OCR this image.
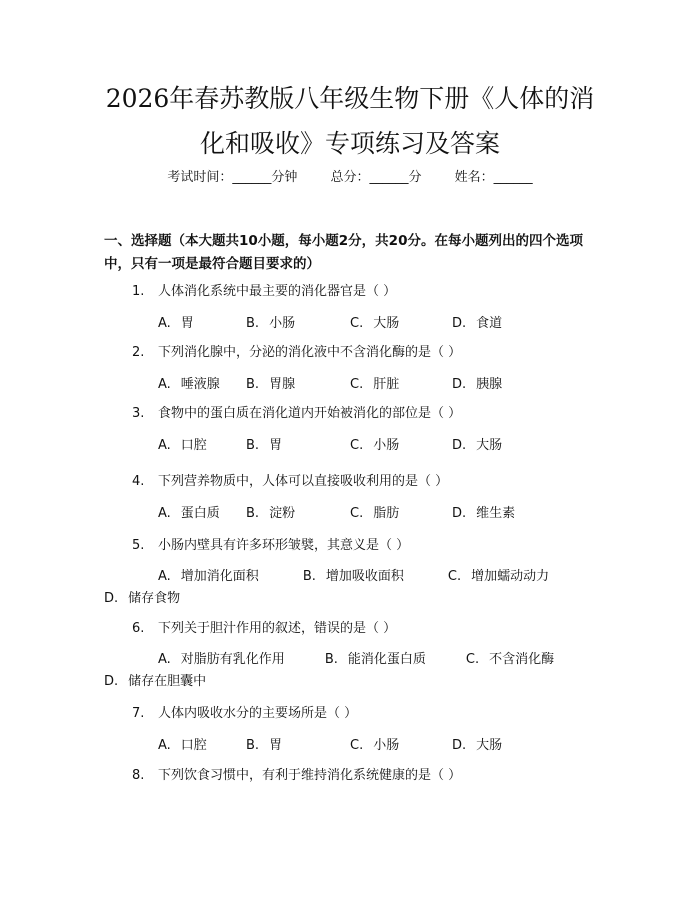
2026年春苏教版八年级生物下册《人体的消
化和吸收》专项练习及答案
考试时间：______分钟	总分：______分	姓名：______
一、选择题（本大题共10小题，每小题2分，共20分。在每小题列出的四个选项中，只有一项是最符合题目要求的）
1. 人体消化系统中最主要的消化器官是（ ）
A. 胃	B. 小肠	C. 大肠	D. 食道
2. 下列消化腺中，分泌的消化液中不含消化酶的是（ ）
A. 唾液腺 B. 胃腺	C. 肝脏	D. 胰腺
3. 食物中的蛋白质在消化道内开始被消化的部位是（ ）
A. 口腔	B. 胃	C. 小肠	D. 大肠
4. 下列营养物质中，人体可以直接吸收利用的是（ ）
A. 蛋白质 B. 淀粉	C. 脂肪	D. 维生素
5. 小肠内壁具有许多环形皱襞，其意义是（ ）
A. 增加消化面积	B. 增加吸收面积	C. 增加蠕动动力D. 储存食物
6. 下列关于胆汁作用的叙述，错误的是（ ）
A. 对脂肪有乳化作用	B. 能消化蛋白质	C. 不含消化酶D. 储存在胆囊中
7. 人体内吸收水分的主要场所是（ ）
A. 口腔	B. 胃	C. 小肠	D. 大肠
8. 下列饮食习惯中，有利于维持消化系统健康的是（ ）
